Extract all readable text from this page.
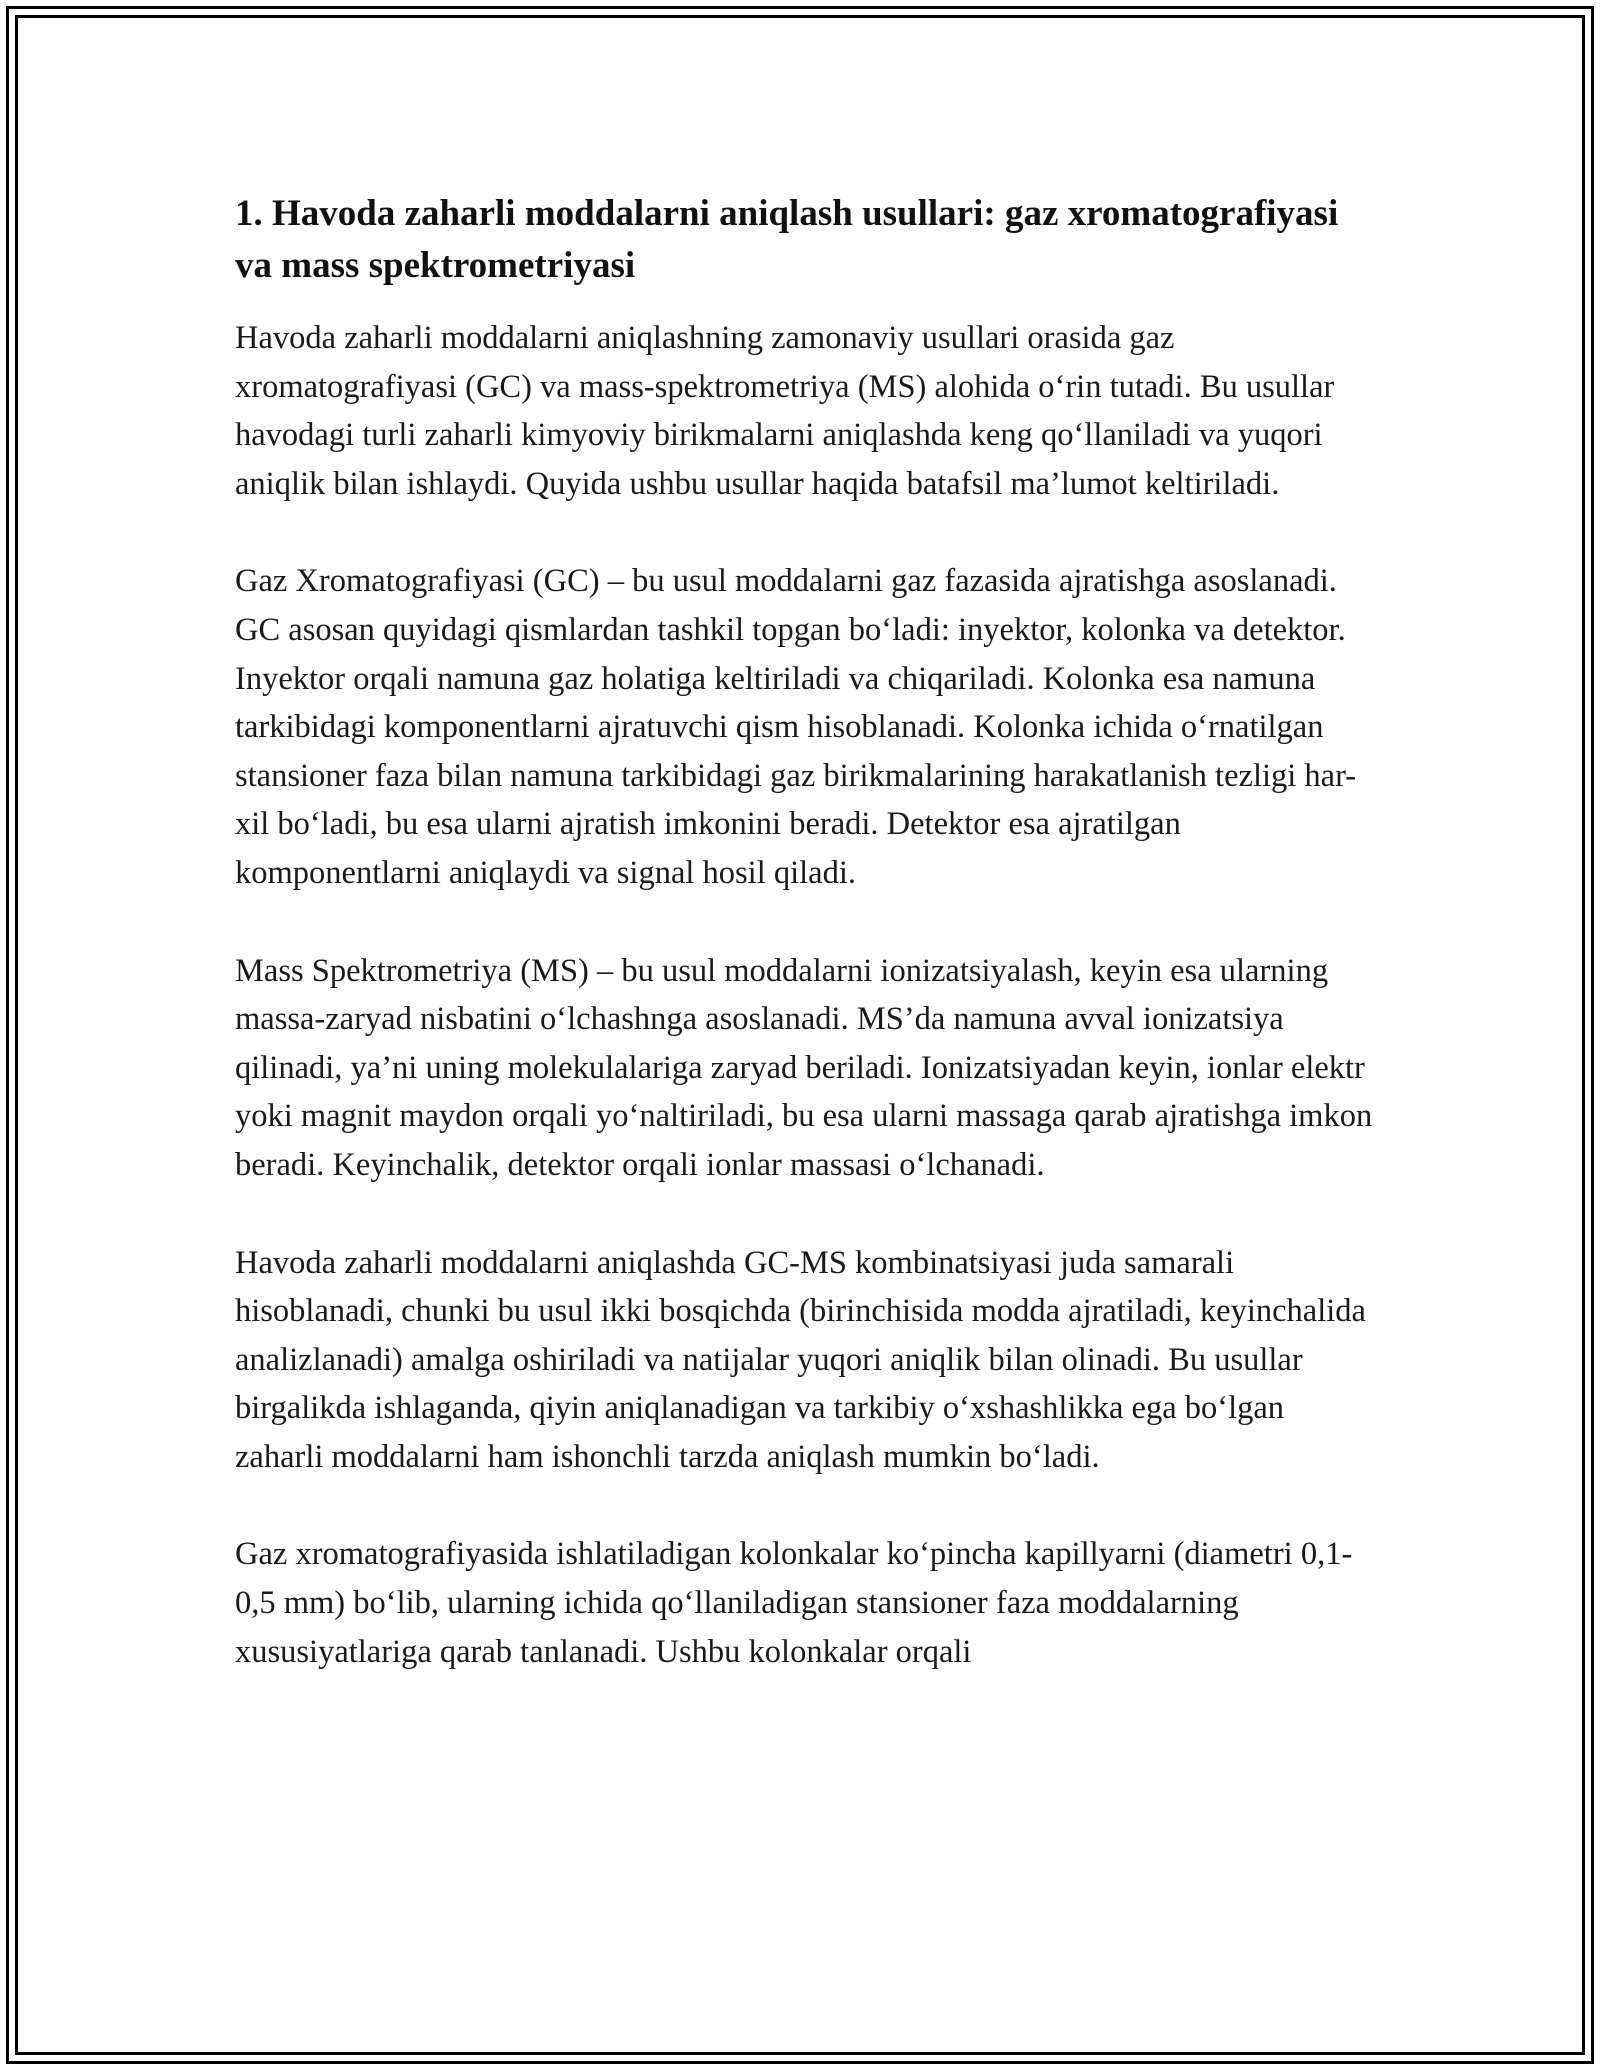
1. Havoda zaharli moddalarni aniqlash usullari: gaz xromatografiyasi va mass spektrometriyasi

Havoda zaharli moddalarni aniqlashning zamonaviy usullari orasida gaz xromatografiyasi (GC) va mass-spektrometriya (MS) alohida o‘rin tutadi. Bu usullar havodagi turli zaharli kimyoviy birikmalarni aniqlashda keng qo‘llaniladi va yuqori aniqlik bilan ishlaydi. Quyida ushbu usullar haqida batafsil ma’lumot keltiriladi.

Gaz Xromatografiyasi (GC) – bu usul moddalarni gaz fazasida ajratishga asoslanadi. GC asosan quyidagi qismlardan tashkil topgan bo‘ladi: inyektor, kolonka va detektor. Inyektor orqali namuna gaz holatiga keltiriladi va chiqariladi. Kolonka esa namuna tarkibidagi komponentlarni ajratuvchi qism hisoblanadi. Kolonka ichida o‘rnatilgan stansioner faza bilan namuna tarkibidagi gaz birikmalarining harakatlanish tezligi har-xil bo‘ladi, bu esa ularni ajratish imkonini beradi. Detektor esa ajratilgan komponentlarni aniqlaydi va signal hosil qiladi.

Mass Spektrometriya (MS) – bu usul moddalarni ionizatsiyalash, keyin esa ularning massa-zaryad nisbatini o‘lchashnga asoslanadi. MS’da namuna avval ionizatsiya qilinadi, ya’ni uning molekulalariga zaryad beriladi. Ionizatsiyadan keyin, ionlar elektr yoki magnit maydon orqali yo‘naltiriladi, bu esa ularni massaga qarab ajratishga imkon beradi. Keyinchalik, detektor orqali ionlar massasi o‘lchanadi.

Havoda zaharli moddalarni aniqlashda GC-MS kombinatsiyasi juda samarali hisoblanadi, chunki bu usul ikki bosqichda (birinchisida modda ajratiladi, keyinchalida analizlanadi) amalga oshiriladi va natijalar yuqori aniqlik bilan olinadi. Bu usullar birgalikda ishlaganda, qiyin aniqlanadigan va tarkibiy o‘xshashlikka ega bo‘lgan zaharli moddalarni ham ishonchli tarzda aniqlash mumkin bo‘ladi.

Gaz xromatografiyasida ishlatiladigan kolonkalar ko‘pincha kapillyarni (diametri 0,1-0,5 mm) bo‘lib, ularning ichida qo‘llaniladigan stansioner faza moddalarning xususiyatlariga qarab tanlanadi. Ushbu kolonkalar orqali
